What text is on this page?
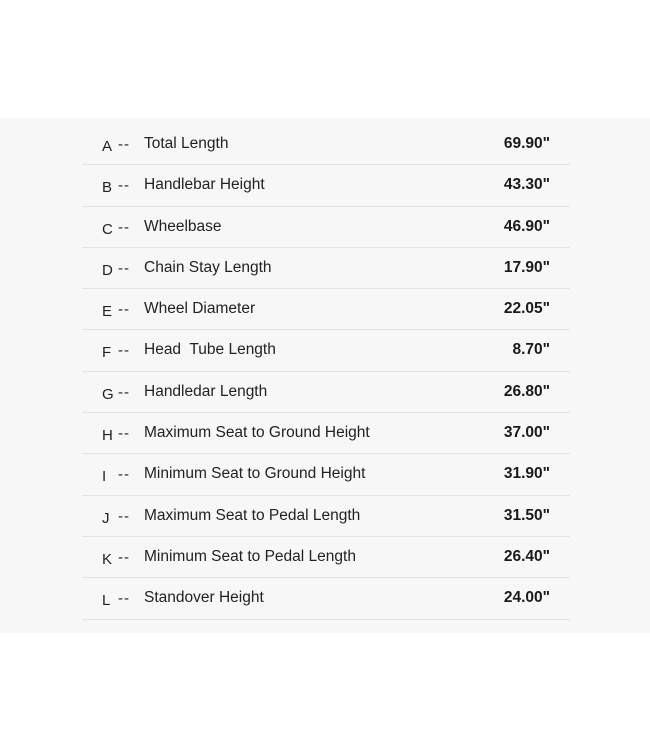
A -- Total Length	69.90"
B -- Handlebar Height	43.30"
C -- Wheelbase	46.90"
D -- Chain Stay Length	17.90"
E -- Wheel Diameter	22.05"
F -- Head  Tube Length	8.70"
G -- Handledar Length	26.80"
H -- Maximum Seat to Ground Height	37.00"
I -- Minimum Seat to Ground Height	31.90"
J -- Maximum Seat to Pedal Length	31.50"
K -- Minimum Seat to Pedal Length	26.40"
L -- Standover Height	24.00"
